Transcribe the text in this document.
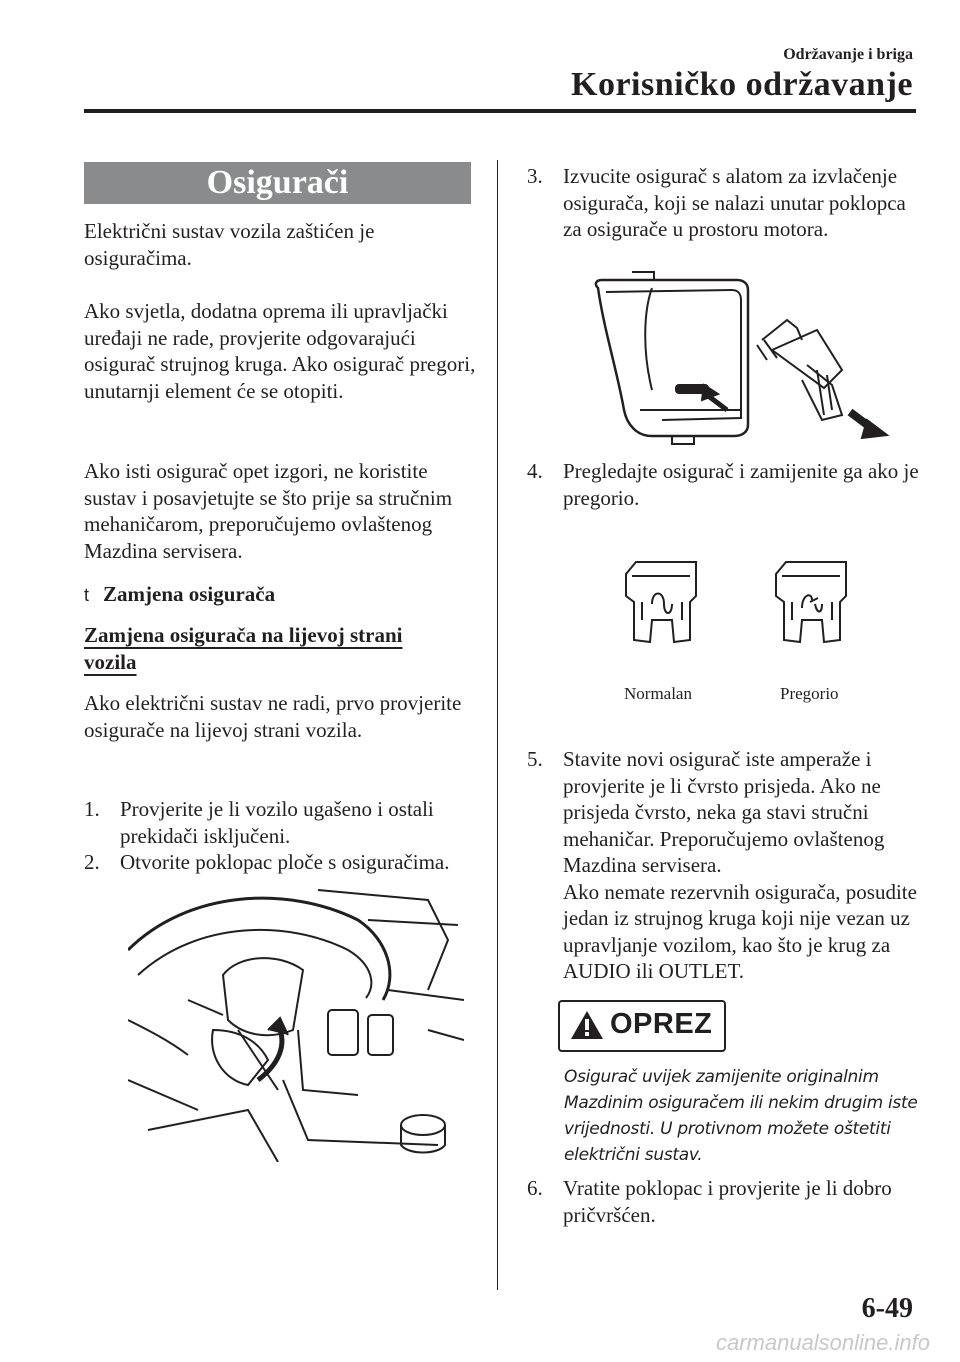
Održavanje i briga
Korisničko održavanje
Osigurači

Električni sustav vozila zaštićen je osiguračima.

Ako svjetla, dodatna oprema ili upravljački uređaji ne rade, provjerite odgovarajući osigurač strujnog kruga. Ako osigurač pregori, unutarnji element će se otopiti.

Ako isti osigurač opet izgori, ne koristite sustav i posavjetujte se što prije sa stručnim mehaničarom, preporučujemo ovlaštenog Mazdina servisera.

t Zamjena osigurača
Zamjena osigurača na lijevoj strani vozila

Ako električni sustav ne radi, prvo provjerite osigurače na lijevoj strani vozila.

1. Provjerite je li vozilo ugašeno i ostali prekidači isključeni.
2. Otvorite poklopac ploče s osiguračima.
3. Izvucite osigurač s alatom za izvlačenje osigurača, koji se nalazi unutar poklopca za osigurače u prostoru motora.
4. Pregledajte osigurač i zamijenite ga ako je pregorio.
Normalan	Pregorio
5. Stavite novi osigurač iste amperaže i provjerite je li čvrsto prisjeda. Ako ne prisjeda čvrsto, neka ga stavi stručni mehaničar. Preporučujemo ovlaštenog Mazdina servisera.
Ako nemate rezervnih osigurača, posudite jedan iz strujnog kruga koji nije vezan uz upravljanje vozilom, kao što je krug za AUDIO ili OUTLET.
OPREZ
Osigurač uvijek zamijenite originalnim Mazdinim osiguračem ili nekim drugim iste vrijednosti. U protivnom možete oštetiti električni sustav.
6. Vratite poklopac i provjerite je li dobro pričvršćen.
6-49
carmanualsonline.info
